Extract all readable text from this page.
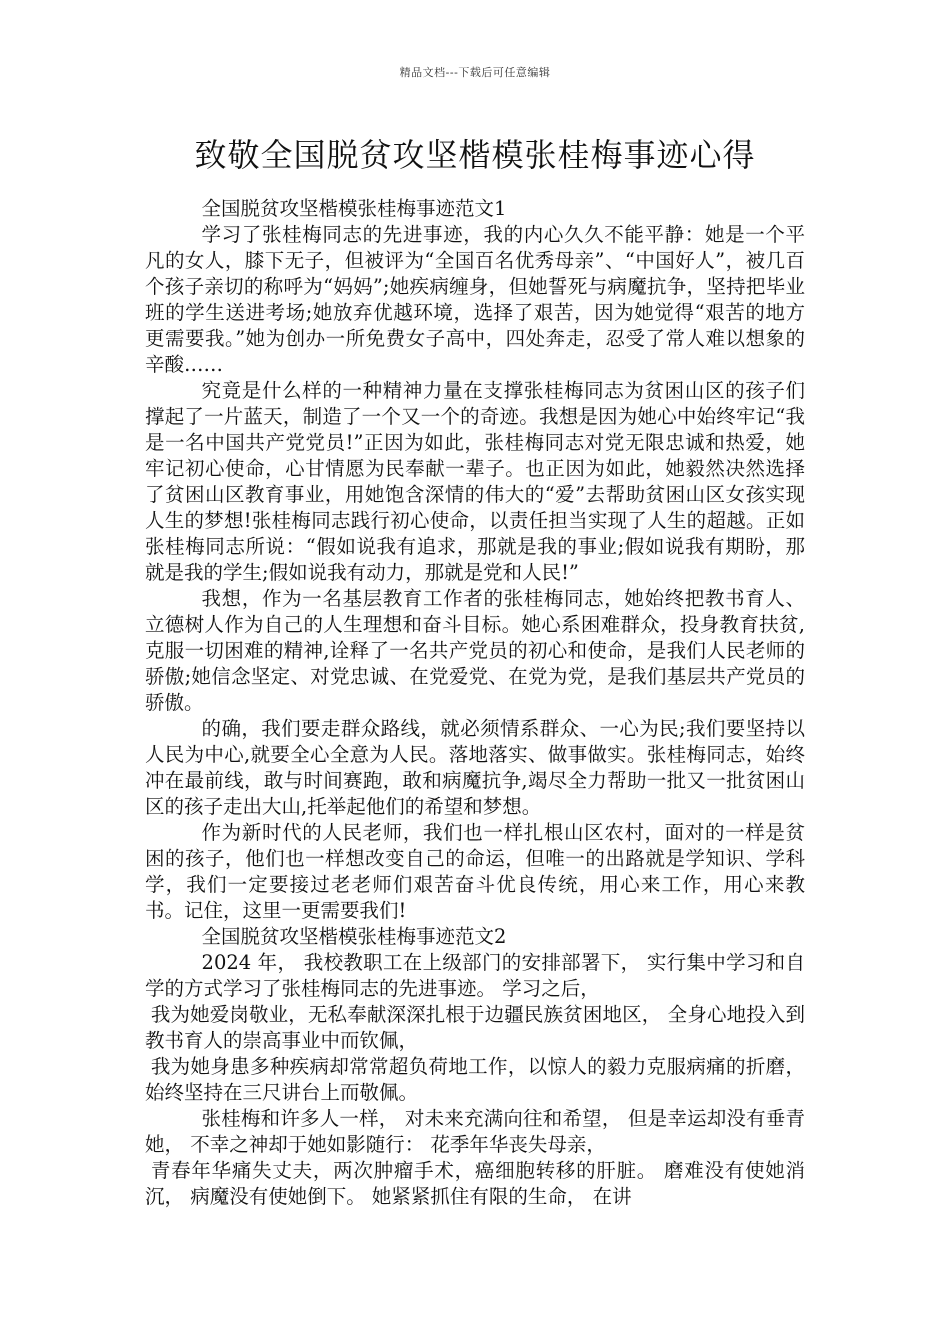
精品文档---下载后可任意编辑
致敬全国脱贫攻坚楷模张桂梅事迹心得

全国脱贫攻坚楷模张桂梅事迹范文1

学习了张桂梅同志的先进事迹，我的内心久久不能平静：她是一个平凡的女人，膝下无子，但被评为“全国百名优秀母亲”、“中国好人”，被几百个孩子亲切的称呼为“妈妈”;她疾病缠身，但她誓死与病魔抗争，坚持把毕业班的学生送进考场;她放弃优越环境，选择了艰苦，因为她觉得“艰苦的地方更需要我。”她为创办一所免费女子高中，四处奔走，忍受了常人难以想象的辛酸……

究竟是什么样的一种精神力量在支撑张桂梅同志为贫困山区的孩子们撑起了一片蓝天，制造了一个又一个的奇迹。我想是因为她心中始终牢记“我是一名中国共产党党员!”正因为如此，张桂梅同志对党无限忠诚和热爱，她牢记初心使命，心甘情愿为民奉献一辈子。也正因为如此，她毅然决然选择了贫困山区教育事业，用她饱含深情的伟大的“爱”去帮助贫困山区女孩实现人生的梦想!张桂梅同志践行初心使命，以责任担当实现了人生的超越。正如张桂梅同志所说：“假如说我有追求，那就是我的事业;假如说我有期盼，那就是我的学生;假如说我有动力，那就是党和人民!”

我想，作为一名基层教育工作者的张桂梅同志，她始终把教书育人、立德树人作为自己的人生理想和奋斗目标。她心系困难群众，投身教育扶贫,克服一切困难的精神,诠释了一名共产党员的初心和使命，是我们人民老师的骄傲;她信念坚定、对党忠诚、在党爱党、在党为党，是我们基层共产党员的骄傲。

的确，我们要走群众路线，就必须情系群众、一心为民;我们要坚持以人民为中心,就要全心全意为人民。落地落实、做事做实。张桂梅同志，始终冲在最前线，敢与时间赛跑，敢和病魔抗争,竭尽全力帮助一批又一批贫困山区的孩子走出大山,托举起他们的希望和梦想。

作为新时代的人民老师，我们也一样扎根山区农村，面对的一样是贫困的孩子，他们也一样想改变自己的命运，但唯一的出路就是学知识、学科学，我们一定要接过老老师们艰苦奋斗优良传统，用心来工作，用心来教书。记住，这里一更需要我们!

全国脱贫攻坚楷模张桂梅事迹范文2

2024 年， 我校教职工在上级部门的安排部署下， 实行集中学习和自学的方式学习了张桂梅同志的先进事迹。 学习之后，

我为她爱岗敬业，无私奉献深深扎根于边疆民族贫困地区， 全身心地投入到教书育人的崇高事业中而钦佩，

我为她身患多种疾病却常常超负荷地工作，以惊人的毅力克服病痛的折磨，始终坚持在三尺讲台上而敬佩。

张桂梅和许多人一样， 对未来充满向往和希望， 但是幸运却没有垂青她， 不幸之神却于她如影随行： 花季年华丧失母亲，

青春年华痛失丈夫，两次肿瘤手术，癌细胞转移的肝脏。 磨难没有使她消沉， 病魔没有使她倒下。 她紧紧抓住有限的生命， 在讲
